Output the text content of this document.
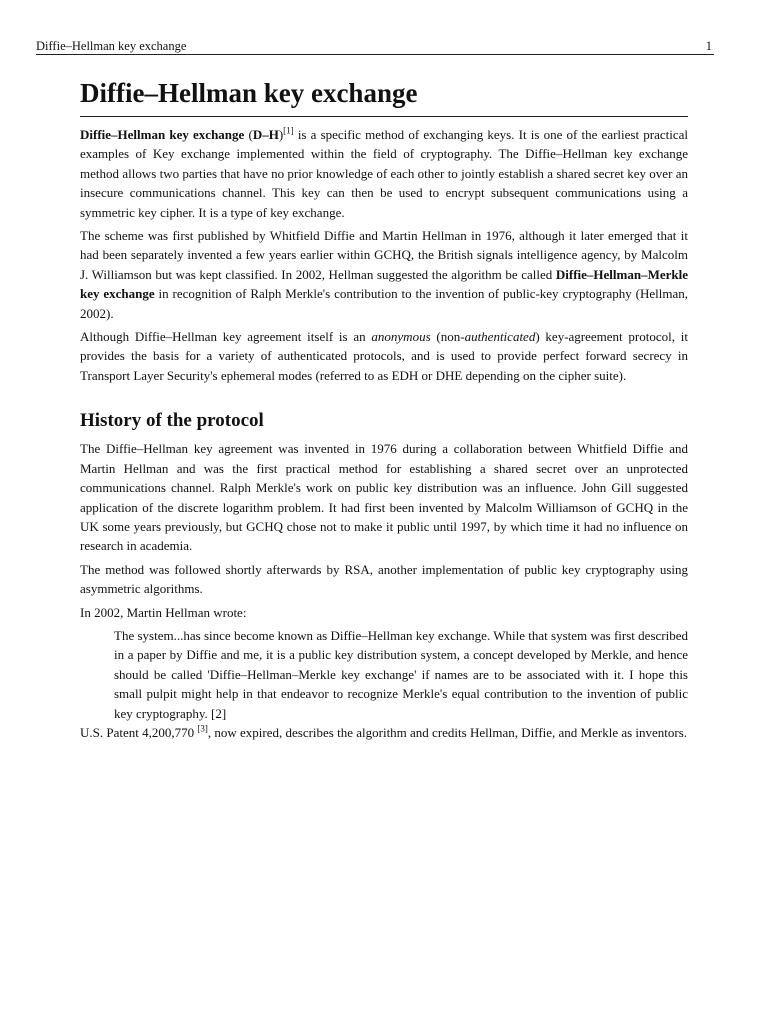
Diffie–Hellman key exchange	1
Diffie–Hellman key exchange

Diffie–Hellman key exchange (D–H)[1] is a specific method of exchanging keys. It is one of the earliest practical examples of Key exchange implemented within the field of cryptography. The Diffie–Hellman key exchange method allows two parties that have no prior knowledge of each other to jointly establish a shared secret key over an insecure communications channel. This key can then be used to encrypt subsequent communications using a symmetric key cipher. It is a type of key exchange.

The scheme was first published by Whitfield Diffie and Martin Hellman in 1976, although it later emerged that it had been separately invented a few years earlier within GCHQ, the British signals intelligence agency, by Malcolm J. Williamson but was kept classified. In 2002, Hellman suggested the algorithm be called Diffie–Hellman–Merkle key exchange in recognition of Ralph Merkle's contribution to the invention of public-key cryptography (Hellman, 2002).

Although Diffie–Hellman key agreement itself is an anonymous (non-authenticated) key-agreement protocol, it provides the basis for a variety of authenticated protocols, and is used to provide perfect forward secrecy in Transport Layer Security's ephemeral modes (referred to as EDH or DHE depending on the cipher suite).

History of the protocol

The Diffie–Hellman key agreement was invented in 1976 during a collaboration between Whitfield Diffie and Martin Hellman and was the first practical method for establishing a shared secret over an unprotected communications channel. Ralph Merkle's work on public key distribution was an influence. John Gill suggested application of the discrete logarithm problem. It had first been invented by Malcolm Williamson of GCHQ in the UK some years previously, but GCHQ chose not to make it public until 1997, by which time it had no influence on research in academia.

The method was followed shortly afterwards by RSA, another implementation of public key cryptography using asymmetric algorithms.

In 2002, Martin Hellman wrote:

The system...has since become known as Diffie–Hellman key exchange. While that system was first described in a paper by Diffie and me, it is a public key distribution system, a concept developed by Merkle, and hence should be called 'Diffie–Hellman–Merkle key exchange' if names are to be associated with it. I hope this small pulpit might help in that endeavor to recognize Merkle's equal contribution to the invention of public key cryptography. [2]

U.S. Patent 4,200,770 [3], now expired, describes the algorithm and credits Hellman, Diffie, and Merkle as inventors.
